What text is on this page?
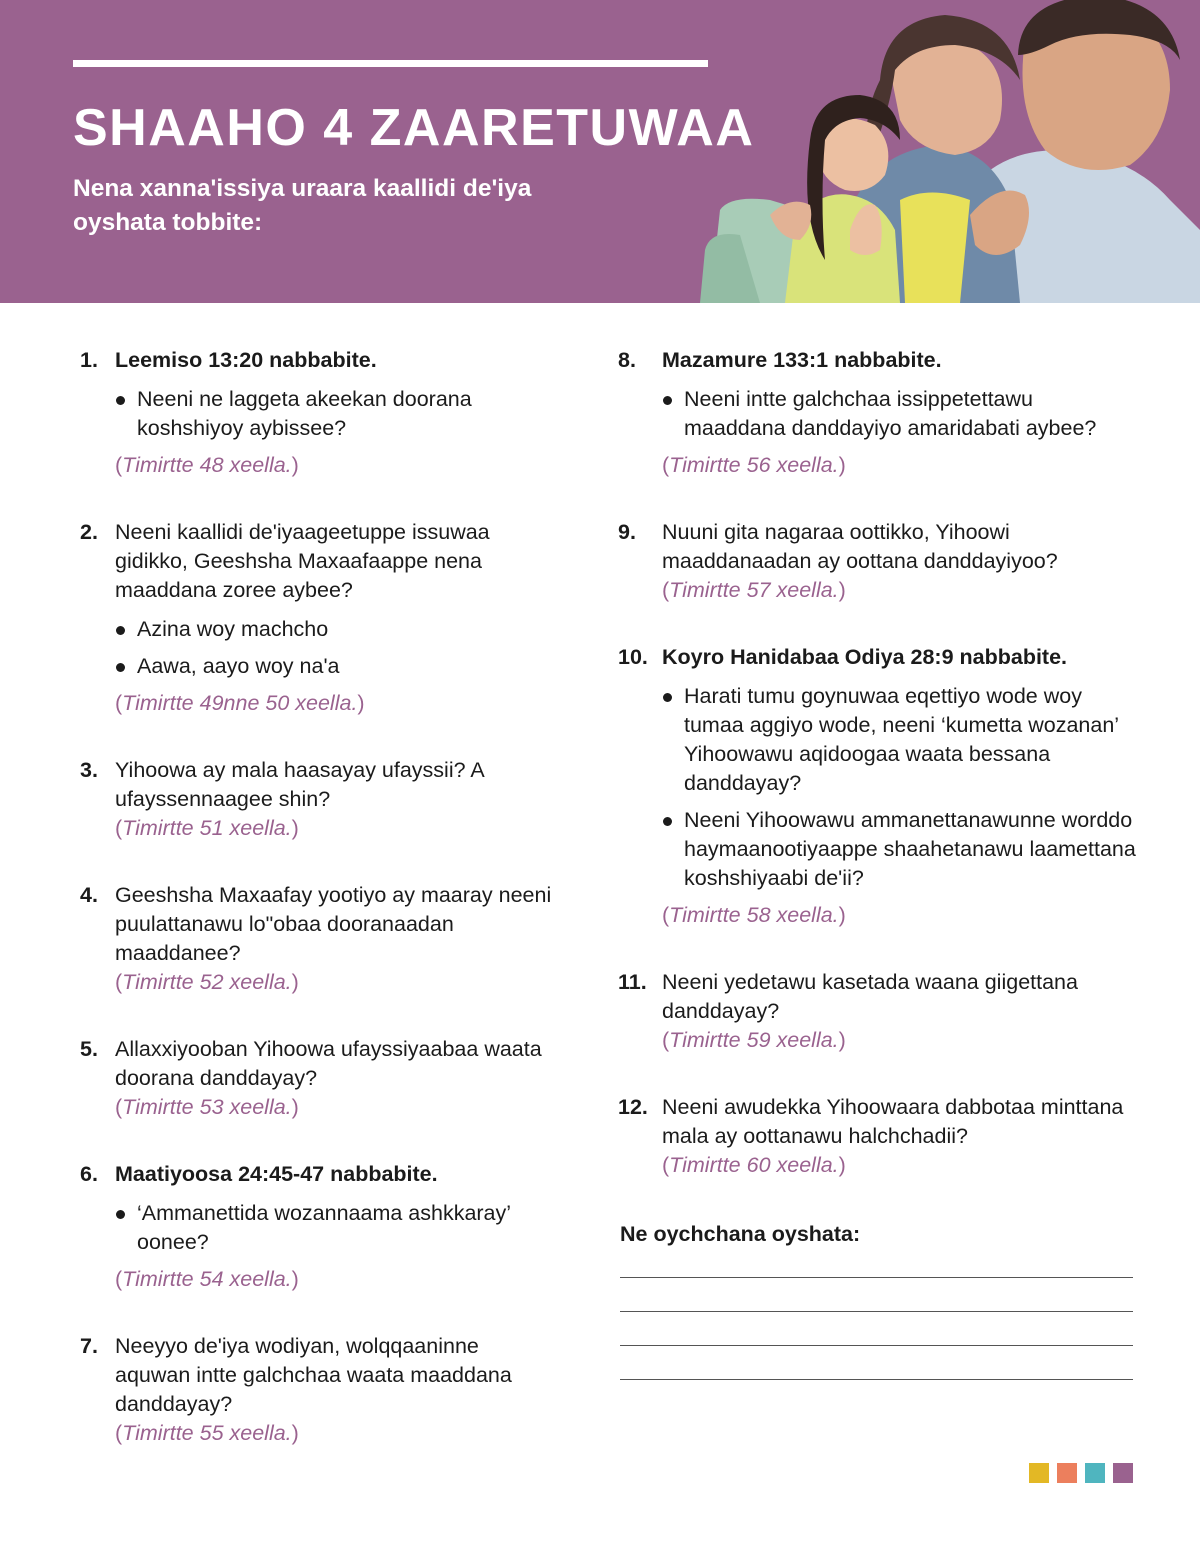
SHAAHO 4 ZAARETUWAA
Nena xanna'issiya uraara kaallidi de'iya oyshata tobbite:
1. Leemiso 13:20 nabbabite.
Neeni ne laggeta akeekan doorana koshshiyoy aybissee?
(Timirtte 48 xeella.)
2. Neeni kaallidi de'iyaageetuppe issuwaa gidikko, Geeshsha Maxaafaappe nena maaddana zoree aybee?
Azina woy machcho
Aawa, aayo woy na'a
(Timirtte 49nne 50 xeella.)
3. Yihoowa ay mala haasayay ufayssii? A ufayssennaagee shin?
(Timirtte 51 xeella.)
4. Geeshsha Maxaafay yootiyo ay maaray neeni puulattanawu lo"obaa dooranaadan maaddanee?
(Timirtte 52 xeella.)
5. Allaxxiyooban Yihoowa ufayssiyaabaa waata doorana danddayay?
(Timirtte 53 xeella.)
6. Maatiyoosa 24:45-47 nabbabite.
‘Ammanettida wozannaama ashkkaray’ oonee?
(Timirtte 54 xeella.)
7. Neeyyo de'iya wodiyan, wolqqaaninne aquwan intte galchchaa waata maaddana danddayay?
(Timirtte 55 xeella.)
8. Mazamure 133:1 nabbabite.
Neeni intte galchchaa issippetettawu maaddana danddayiyo amaridabati aybee?
(Timirtte 56 xeella.)
9. Nuuni gita nagaraa oottikko, Yihoowi maaddanaadan ay oottana danddayiyoo?
(Timirtte 57 xeella.)
10. Koyro Hanidabaa Odiya 28:9 nabbabite.
Harati tumu goynuwaa eqettiyo wode woy tumaa aggiyo wode, neeni ‘kumetta wozanan’ Yihoowawu aqidoogaa waata bessana danddayay?
Neeni Yihoowawu ammanettanawunne worddo haymaanootiyaappe shaahetanawu laamettana koshshiyaabi de'ii?
(Timirtte 58 xeella.)
11. Neeni yedetawu kasetada waana giigettana danddayay?
(Timirtte 59 xeella.)
12. Neeni awudekka Yihoowaara dabbotaa minttana mala ay oottanawu halchchadii?
(Timirtte 60 xeella.)
Ne oychchana oyshata:
